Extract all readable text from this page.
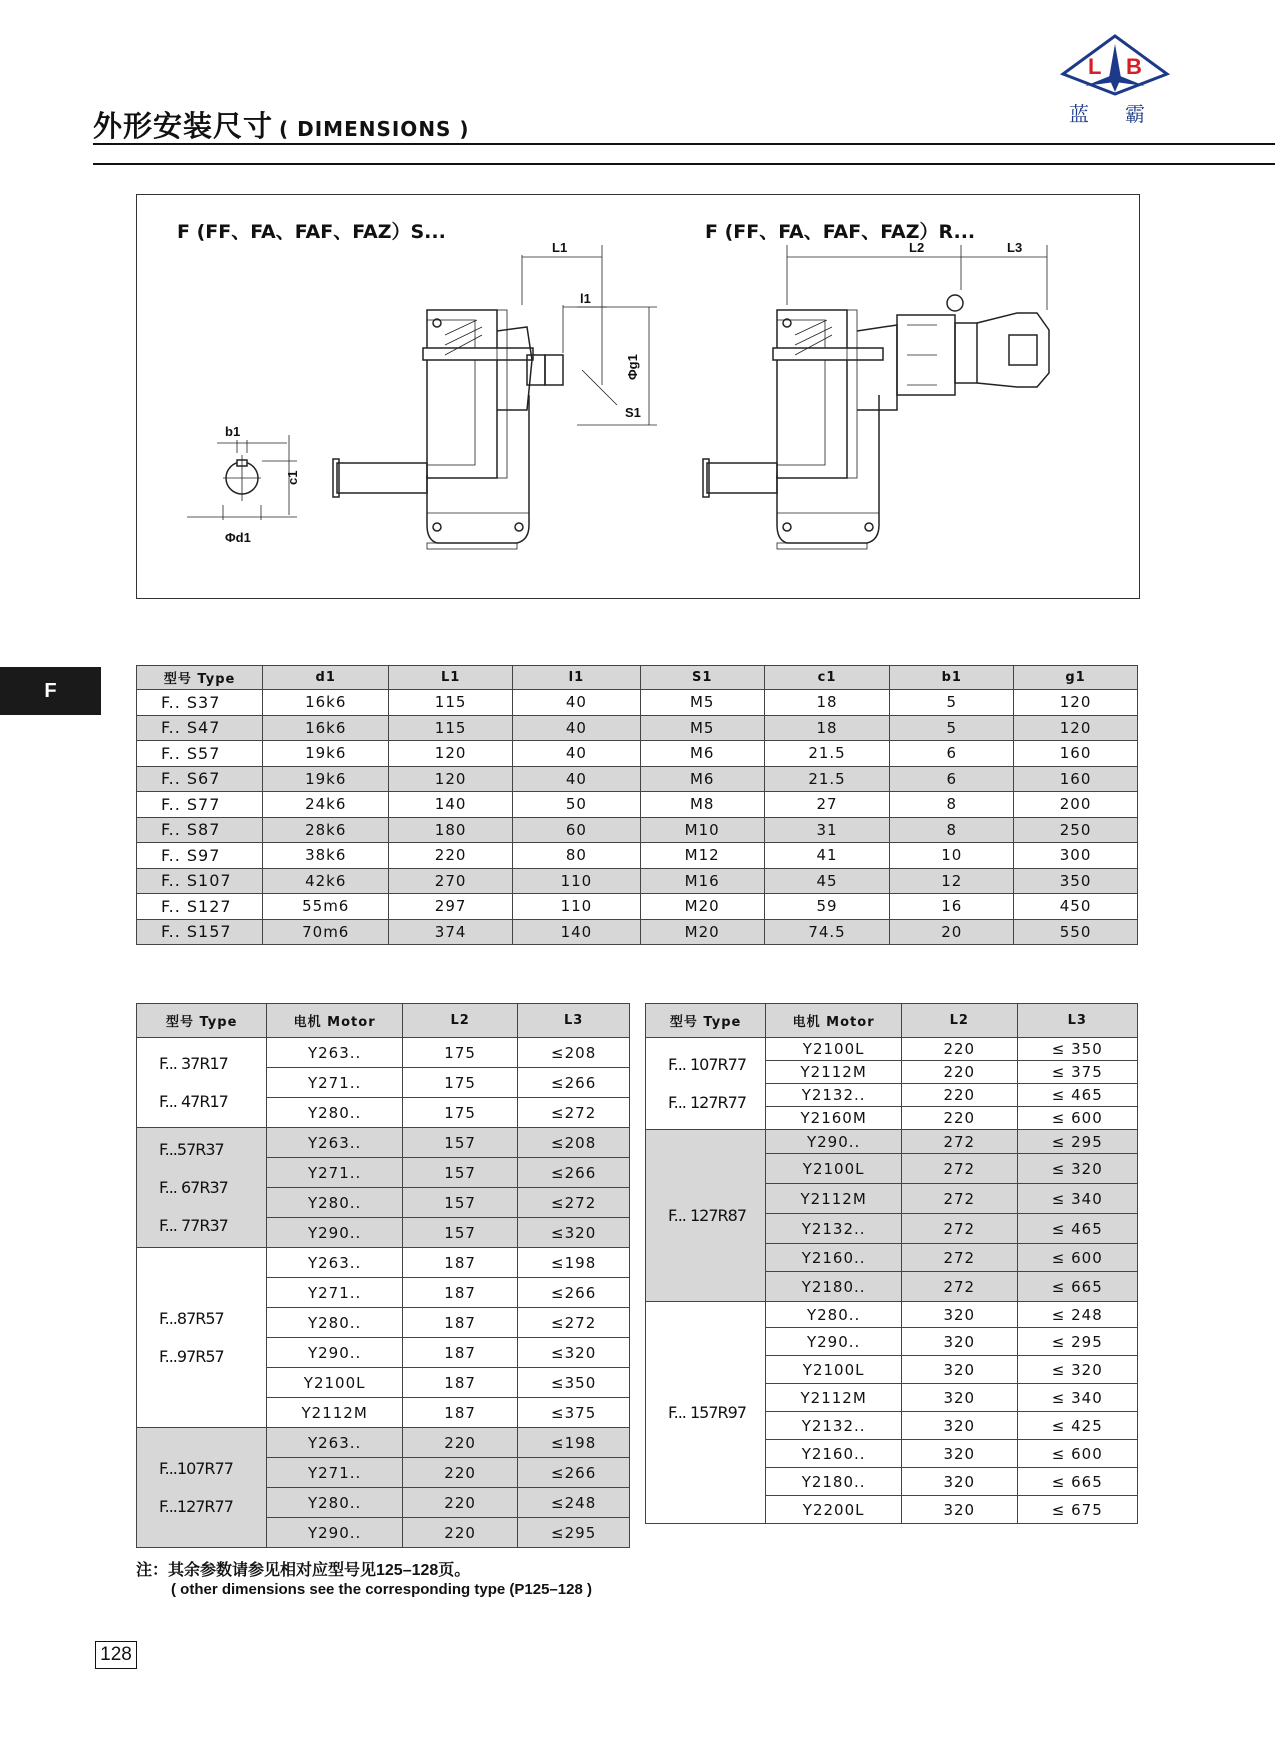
外形安装尺寸 ( DIMENSIONS )
L B
蓝 霸
F (FF、FA、FAF、FAZ）S...	F (FF、FA、FAF、FAZ）R...
b1
c1
Φd1
L1
l1
Φg1
S1
L2	L3
F	型号 Type	d1	L1	l1	S1	c1	b1	g1
F.. S37	16k6	115	40	M5	18	5	120
F.. S47	16k6	115	40	M5	18	5	120
F.. S57	19k6	120	40	M6	21.5	6	160
F.. S67	19k6	120	40	M6	21.5	6	160
F.. S77	24k6	140	50	M8	27	8	200
F.. S87	28k6	180	60	M10	31	8	250
F.. S97	38k6	220	80	M12	41	10	300
F.. S107	42k6	270	110	M16	45	12	350
F.. S127	55m6	297	110	M20	59	16	450
F.. S157	70m6	374	140	M20	74.5	20	550
型号 Type	电机 Motor	L2	L3

F... 37R17
F... 47R17	Y263..	175	≤208
	Y271..	175	≤266
	Y280..	175	≤272

F...57R37
F... 67R37
F... 77R37	Y263..	157	≤208
	Y271..	157	≤266
	Y280..	157	≤272
	Y290..	157	≤320

F...87R57
F...97R57	Y263..	187	≤198
	Y271..	187	≤266
	Y280..	187	≤272
	Y290..	187	≤320
	Y2100L	187	≤350
	Y2112M	187	≤375

F...107R77
F...127R77	Y263..	220	≤198
	Y271..	220	≤266
	Y280..	220	≤248
	Y290..	220	≤295
型号 Type	电机 Motor	L2	L3

F... 107R77
F... 127R77	Y2100L	220	≤ 350
	Y2112M	220	≤ 375
	Y2132..	220	≤ 465
	Y2160M	220	≤ 600

F... 127R87	Y290..	272	≤ 295
	Y2100L	272	≤ 320
	Y2112M	272	≤ 340
	Y2132..	272	≤ 465
	Y2160..	272	≤ 600
	Y2180..	272	≤ 665

F... 157R97	Y280..	320	≤ 248
	Y290..	320	≤ 295
	Y2100L	320	≤ 320
	Y2112M	320	≤ 340
	Y2132..	320	≤ 425
	Y2160..	320	≤ 600
	Y2180..	320	≤ 665
	Y2200L	320	≤ 675
注：其余参数请参见相对应型号见125–128页。
( other dimensions see the corresponding type (P125–128 )
128
